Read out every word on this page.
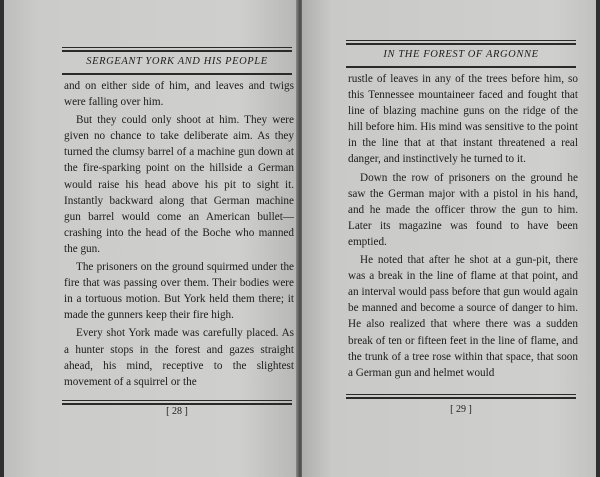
SERGEANT YORK AND HIS PEOPLE

and on either side of him, and leaves and twigs were falling over him.

But they could only shoot at him. They were given no chance to take deliberate aim. As they turned the clumsy barrel of a machine gun down at the fire-sparking point on the hillside a German would raise his head above his pit to sight it. Instantly backward along that German machine gun barrel would come an American bullet—crashing into the head of the Boche who manned the gun.

The prisoners on the ground squirmed under the fire that was passing over them. Their bodies were in a tortuous motion. But York held them there; it made the gunners keep their fire high.

Every shot York made was carefully placed. As a hunter stops in the forest and gazes straight ahead, his mind, receptive to the slightest movement of a squirrel or the

[ 28 ]
IN THE FOREST OF ARGONNE

rustle of leaves in any of the trees before him, so this Tennessee mountaineer faced and fought that line of blazing machine guns on the ridge of the hill before him. His mind was sensitive to the point in the line that at that instant threatened a real danger, and instinctively he turned to it.

Down the row of prisoners on the ground he saw the German major with a pistol in his hand, and he made the officer throw the gun to him. Later its magazine was found to have been emptied.

He noted that after he shot at a gun-pit, there was a break in the line of flame at that point, and an interval would pass before that gun would again be manned and become a source of danger to him. He also realized that where there was a sudden break of ten or fifteen feet in the line of flame, and the trunk of a tree rose within that space, that soon a German gun and helmet would

[ 29 ]
